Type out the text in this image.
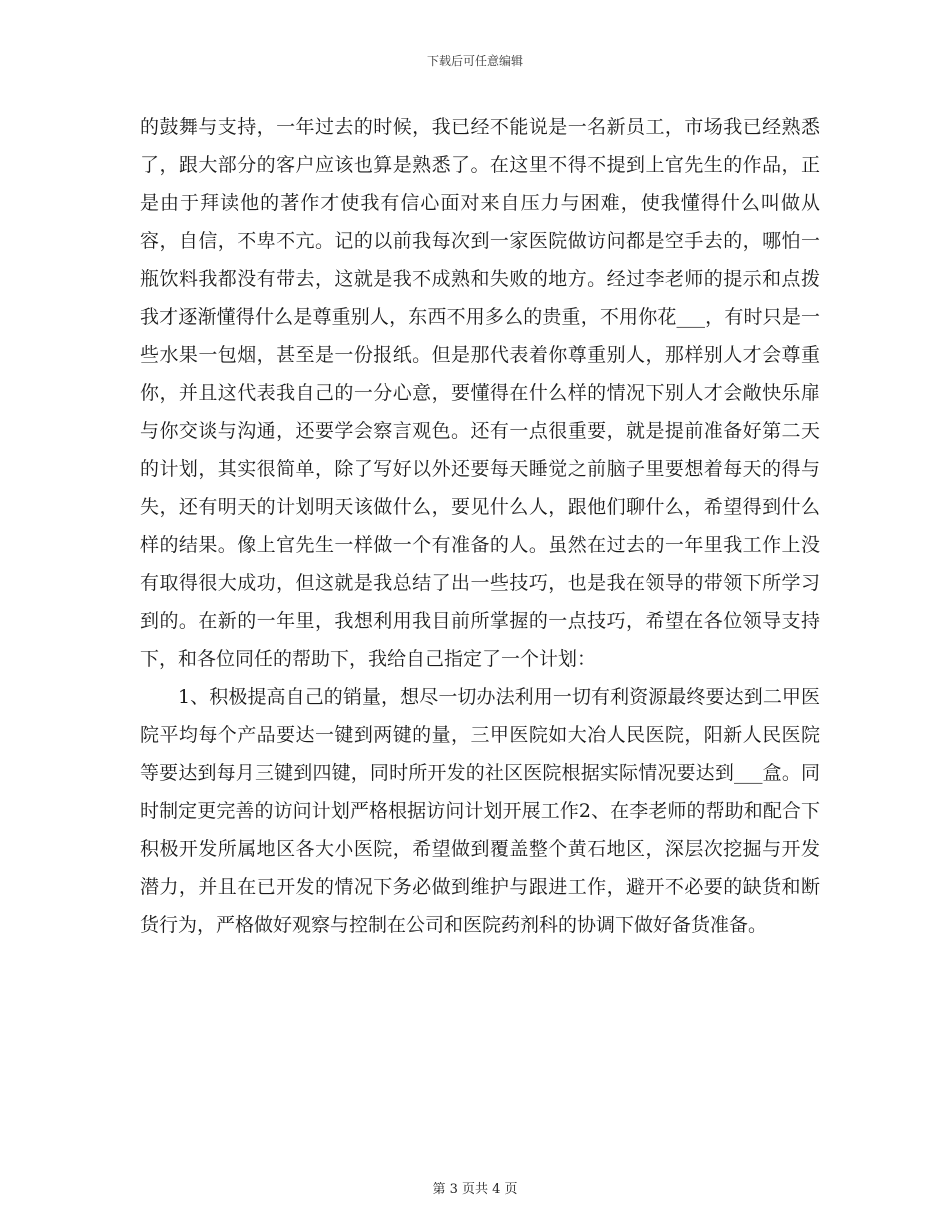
下载后可任意编辑

的鼓舞与支持，一年过去的时候，我已经不能说是一名新员工，市场我已经熟悉了，跟大部分的客户应该也算是熟悉了。在这里不得不提到上官先生的作品，正是由于拜读他的著作才使我有信心面对来自压力与困难，使我懂得什么叫做从容，自信，不卑不亢。记的以前我每次到一家医院做访问都是空手去的，哪怕一瓶饮料我都没有带去，这就是我不成熟和失败的地方。经过李老师的提示和点拨我才逐渐懂得什么是尊重别人，东西不用多么的贵重，不用你花___，有时只是一些水果一包烟，甚至是一份报纸。但是那代表着你尊重别人，那样别人才会尊重你，并且这代表我自己的一分心意，要懂得在什么样的情况下别人才会敞快乐扉与你交谈与沟通，还要学会察言观色。还有一点很重要，就是提前准备好第二天的计划，其实很简单，除了写好以外还要每天睡觉之前脑子里要想着每天的得与失，还有明天的计划明天该做什么，要见什么人，跟他们聊什么，希望得到什么样的结果。像上官先生一样做一个有准备的人。虽然在过去的一年里我工作上没有取得很大成功，但这就是我总结了出一些技巧，也是我在领导的带领下所学习到的。在新的一年里，我想利用我目前所掌握的一点技巧，希望在各位领导支持下，和各位同任的帮助下，我给自己指定了一个计划：

1、积极提高自己的销量，想尽一切办法利用一切有利资源最终要达到二甲医院平均每个产品要达一键到两键的量，三甲医院如大冶人民医院，阳新人民医院等要达到每月三键到四键，同时所开发的社区医院根据实际情况要达到___盒。同时制定更完善的访问计划严格根据访问计划开展工作2、在李老师的帮助和配合下积极开发所属地区各大小医院，希望做到覆盖整个黄石地区，深层次挖掘与开发潜力，并且在已开发的情况下务必做到维护与跟进工作，避开不必要的缺货和断货行为，严格做好观察与控制在公司和医院药剂科的协调下做好备货准备。

第 3 页共 4 页
